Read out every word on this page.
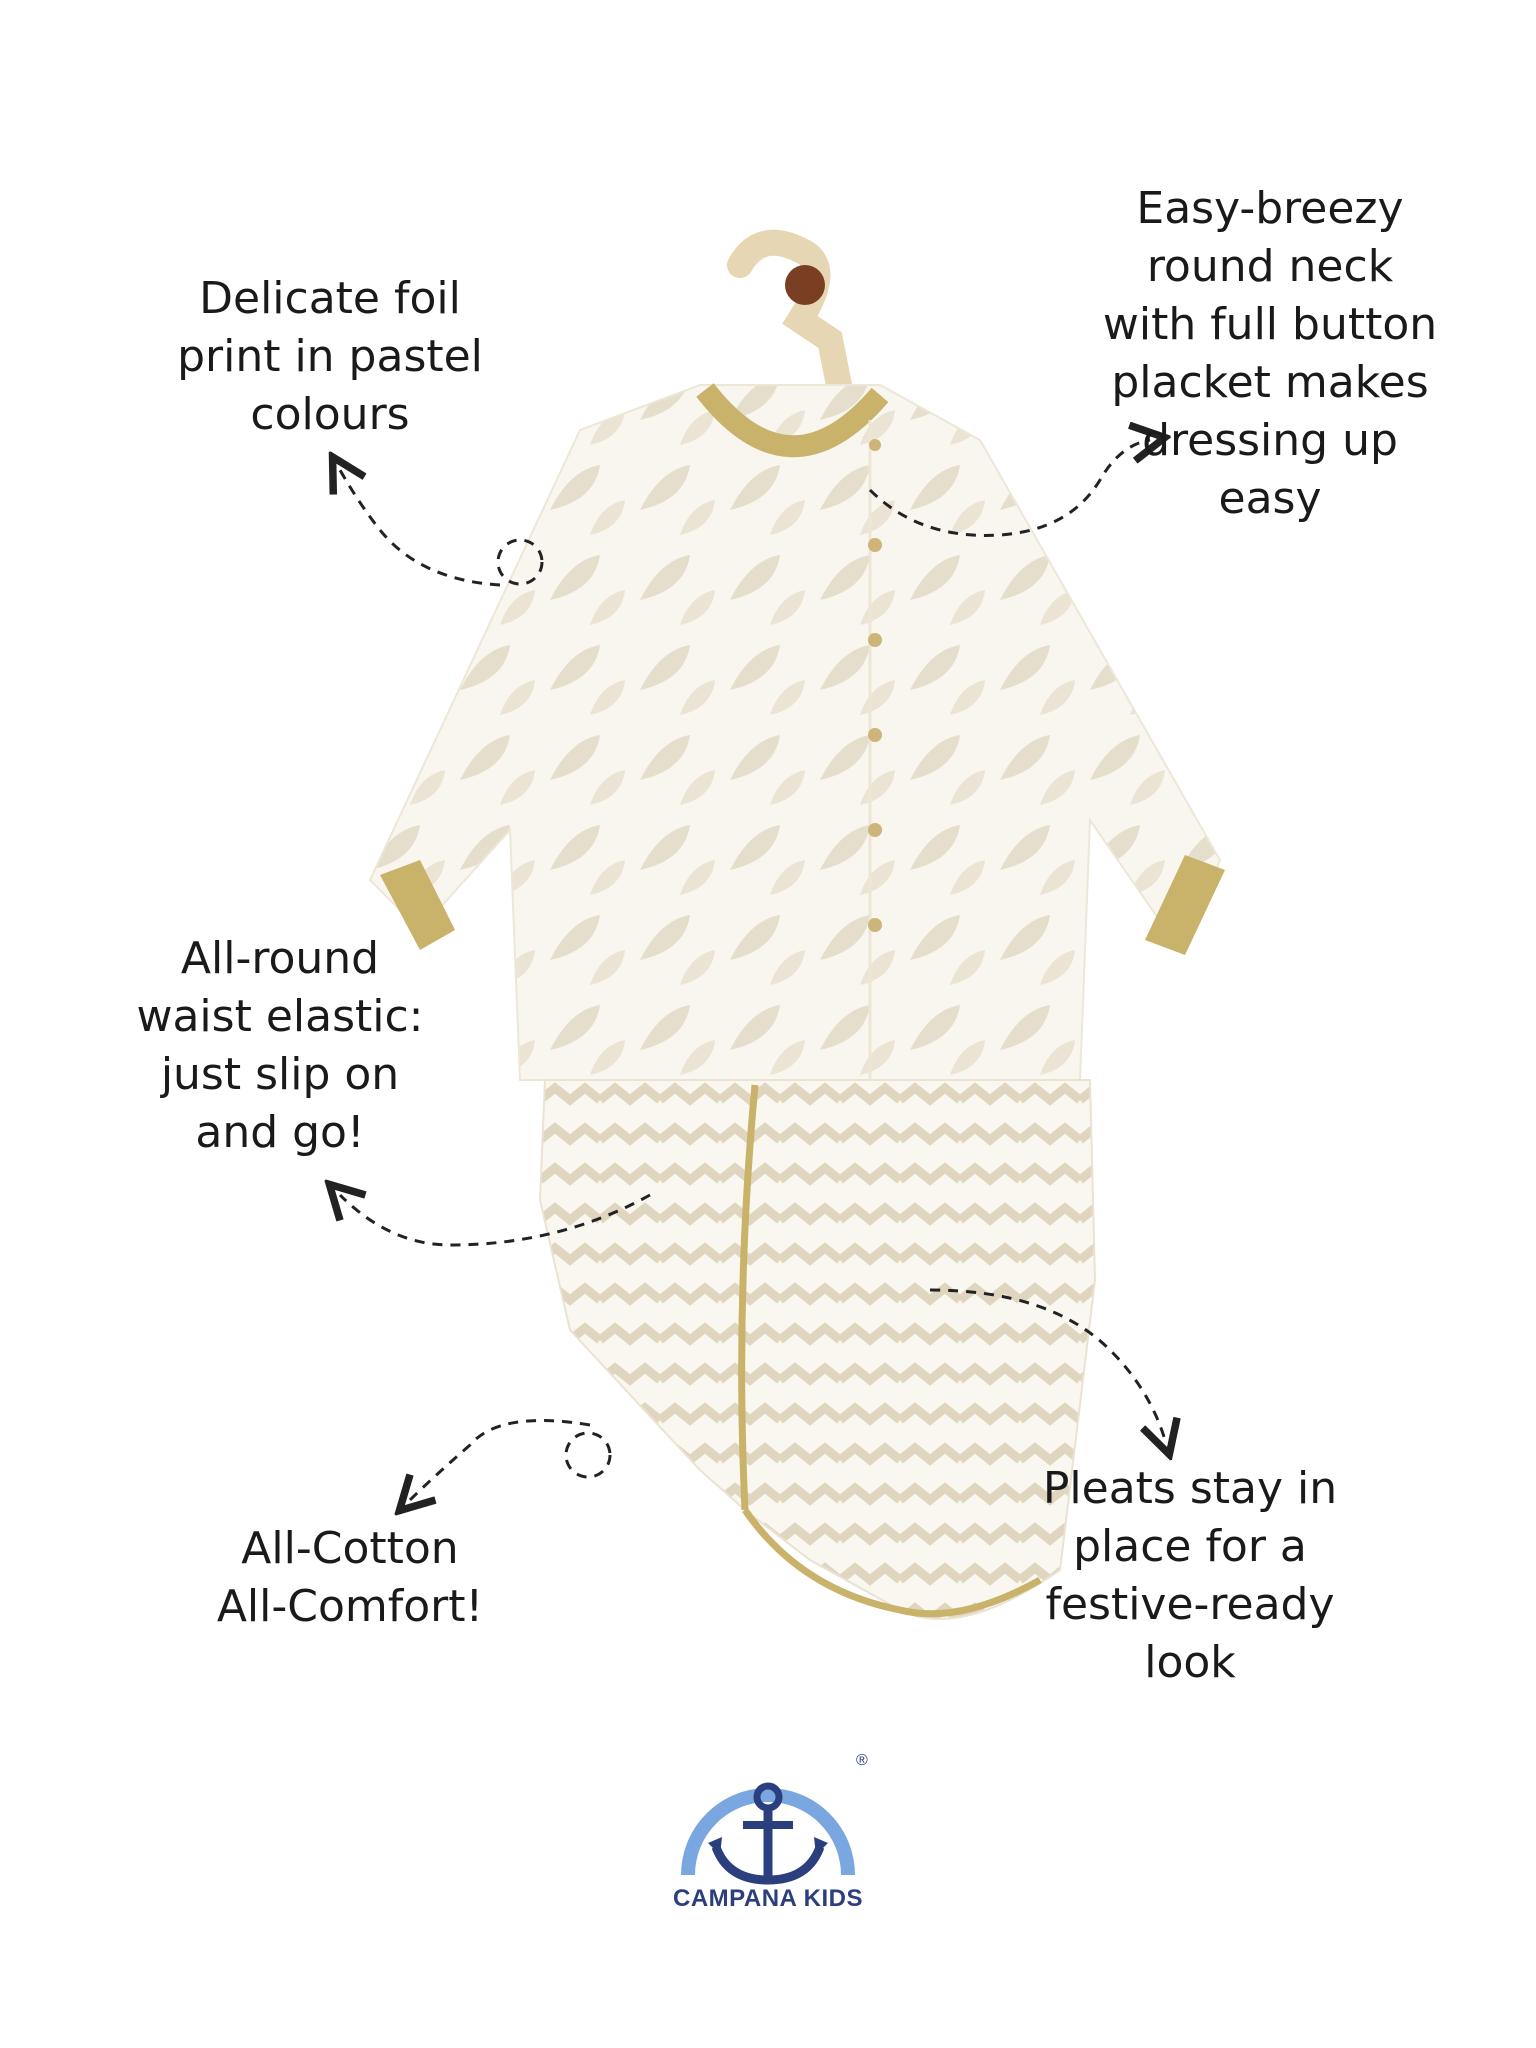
Delicate foil
print in pastel
colours
Easy-breezy
round neck
with full button
placket makes
dressing up
easy
All-round
waist elastic:
just slip on
and go!
All-Cotton
All-Comfort!
Pleats stay in
place for a
festive-ready
look
®
CAMPANA KIDS
